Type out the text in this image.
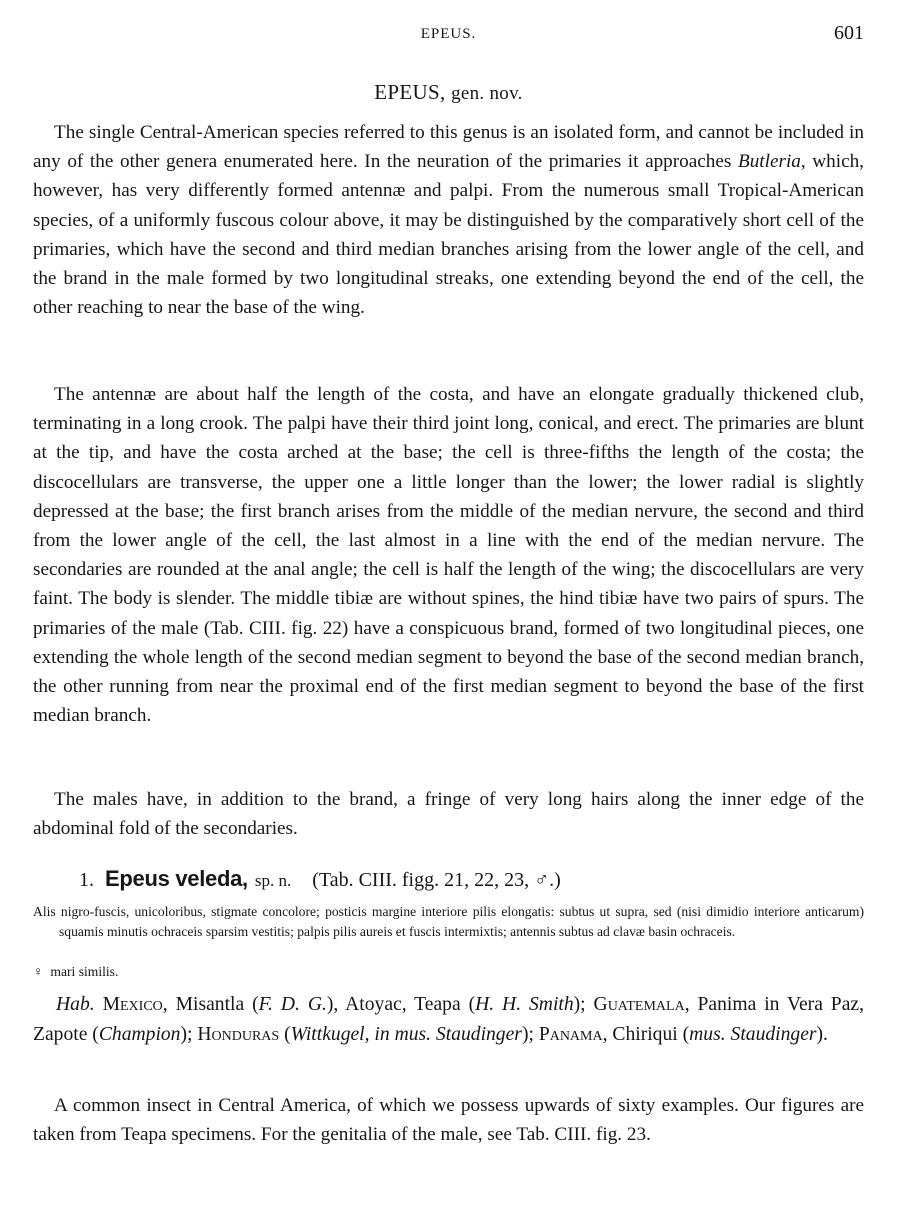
EPEUS.	601
EPEUS, gen. nov.

The single Central-American species referred to this genus is an isolated form, and cannot be included in any of the other genera enumerated here. In the neuration of the primaries it approaches Butleria, which, however, has very differently formed antennæ and palpi. From the numerous small Tropical-American species, of a uniformly fuscous colour above, it may be distinguished by the comparatively short cell of the primaries, which have the second and third median branches arising from the lower angle of the cell, and the brand in the male formed by two longitudinal streaks, one extending beyond the end of the cell, the other reaching to near the base of the wing.

The antennæ are about half the length of the costa, and have an elongate gradually thickened club, terminating in a long crook. The palpi have their third joint long, conical, and erect. The primaries are blunt at the tip, and have the costa arched at the base; the cell is three-fifths the length of the costa; the discocellulars are transverse, the upper one a little longer than the lower; the lower radial is slightly depressed at the base; the first branch arises from the middle of the median nervure, the second and third from the lower angle of the cell, the last almost in a line with the end of the median nervure. The secondaries are rounded at the anal angle; the cell is half the length of the wing; the discocellulars are very faint. The body is slender. The middle tibiæ are without spines, the hind tibiæ have two pairs of spurs. The primaries of the male (Tab. CIII. fig. 22) have a conspicuous brand, formed of two longitudinal pieces, one extending the whole length of the second median segment to beyond the base of the second median branch, the other running from near the proximal end of the first median segment to beyond the base of the first median branch.

The males have, in addition to the brand, a fringe of very long hairs along the inner edge of the abdominal fold of the secondaries.

1. Epeus veleda, sp. n. (Tab. CIII. figg. 21, 22, 23, ♂.)

Alis nigro-fuscis, unicoloribus, stigmate concolore; posticis margine interiore pilis elongatis: subtus ut supra, sed (nisi dimidio interiore anticarum) squamis minutis ochraceis sparsim vestitis; palpis pilis aureis et fuscis intermixtis; antennis subtus ad clavæ basin ochraceis.

♀ mari similis.

Hab. Mexico, Misantla (F. D. G.), Atoyac, Teapa (H. H. Smith); Guatemala, Panima in Vera Paz, Zapote (Champion); Honduras (Wittkugel, in mus. Staudinger); Panama, Chiriqui (mus. Staudinger).

A common insect in Central America, of which we possess upwards of sixty examples. Our figures are taken from Teapa specimens. For the genitalia of the male, see Tab. CIII. fig. 23.
